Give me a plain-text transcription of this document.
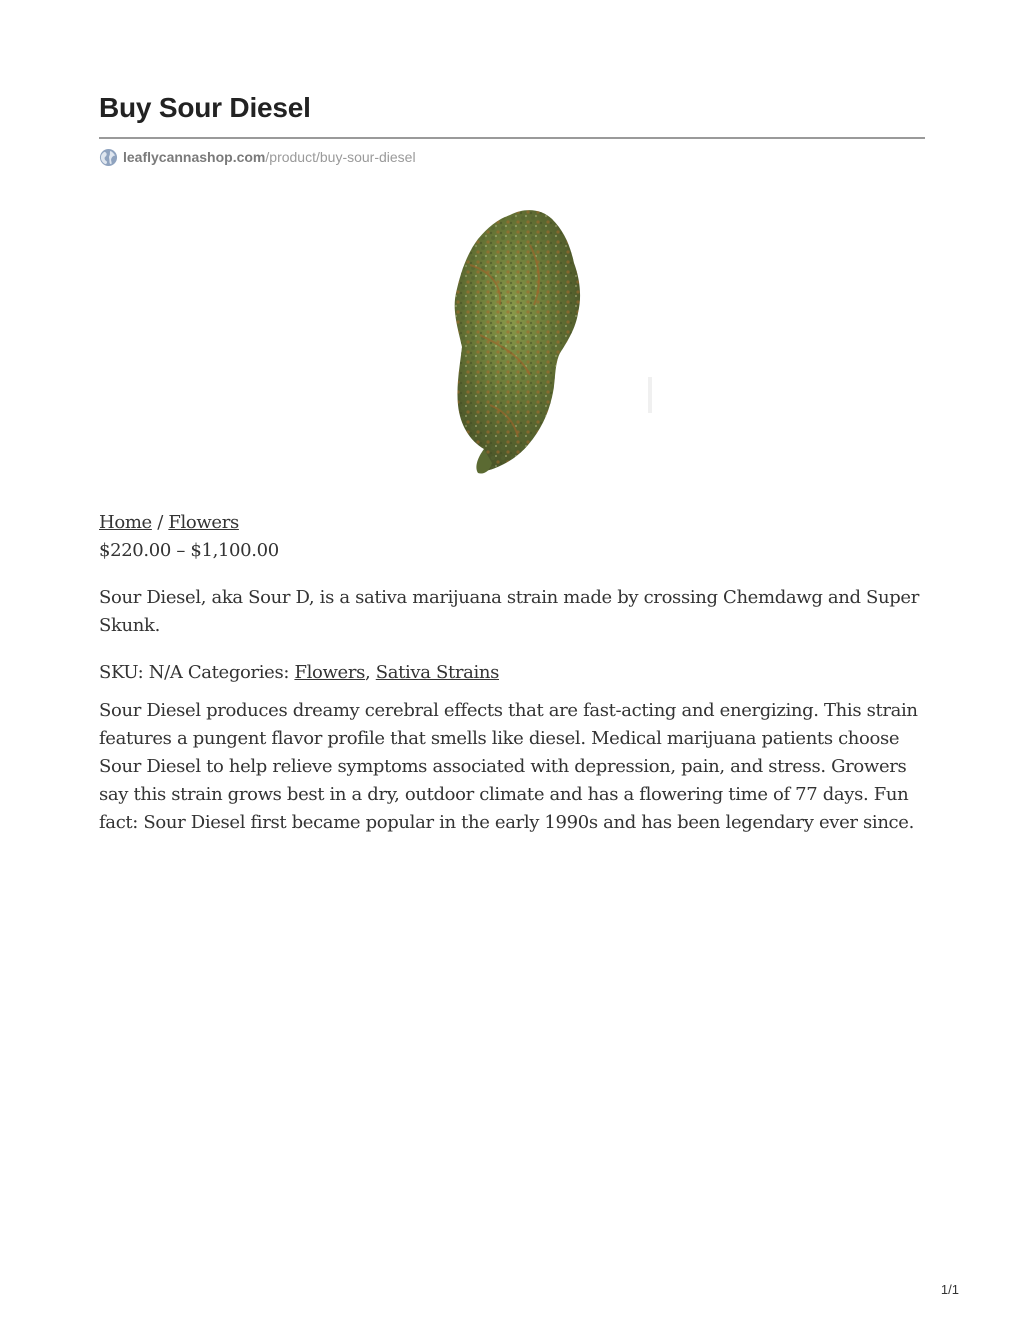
Buy Sour Diesel
leaflycannashop.com /product/buy-sour-diesel
Home / Flowers
$220.00 – $1,100.00

Sour Diesel, aka Sour D, is a sativa marijuana strain made by crossing Chemdawg and Super Skunk.

SKU: N/A Categories: Flowers, Sativa Strains

Sour Diesel produces dreamy cerebral effects that are fast-acting and energizing. This strain features a pungent flavor profile that smells like diesel. Medical marijuana patients choose Sour Diesel to help relieve symptoms associated with depression, pain, and stress. Growers say this strain grows best in a dry, outdoor climate and has a flowering time of 77 days. Fun fact: Sour Diesel first became popular in the early 1990s and has been legendary ever since.

1/1
